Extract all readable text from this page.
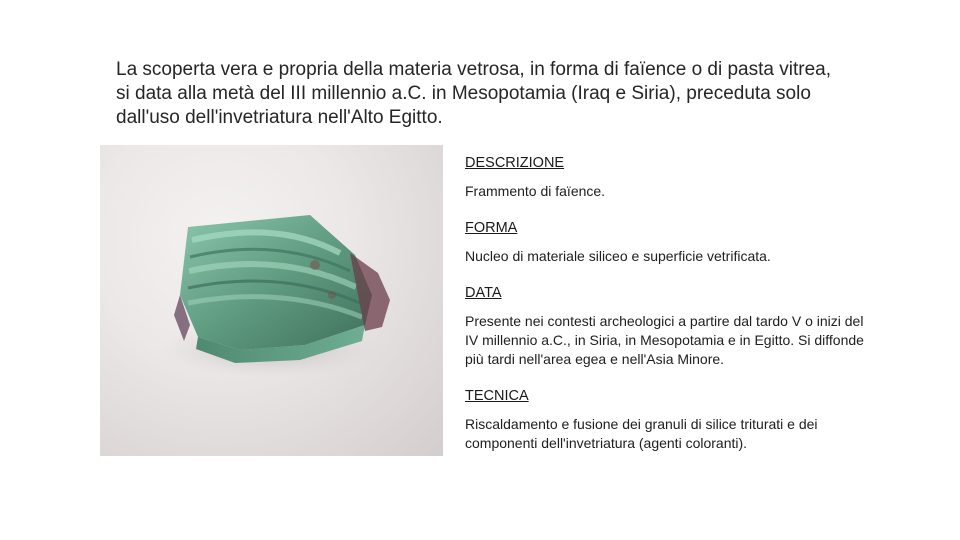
La scoperta vera e propria della materia vetrosa, in forma di faïence o di pasta vitrea, si data alla metà del III millennio a.C. in Mesopotamia (Iraq e Siria), preceduta solo dall'uso dell'invetriatura nell'Alto Egitto.
DESCRIZIONE
Frammento di faïence.
FORMA
Nucleo di materiale siliceo e superficie vetrificata.
DATA
Presente nei contesti archeologici a partire dal tardo V o inizi del IV millennio a.C., in Siria, in Mesopotamia e in Egitto. Si diffonde più tardi nell'area egea e nell'Asia Minore.
TECNICA
Riscaldamento e fusione dei granuli di silice triturati e dei componenti dell'invetriatura (agenti coloranti).
